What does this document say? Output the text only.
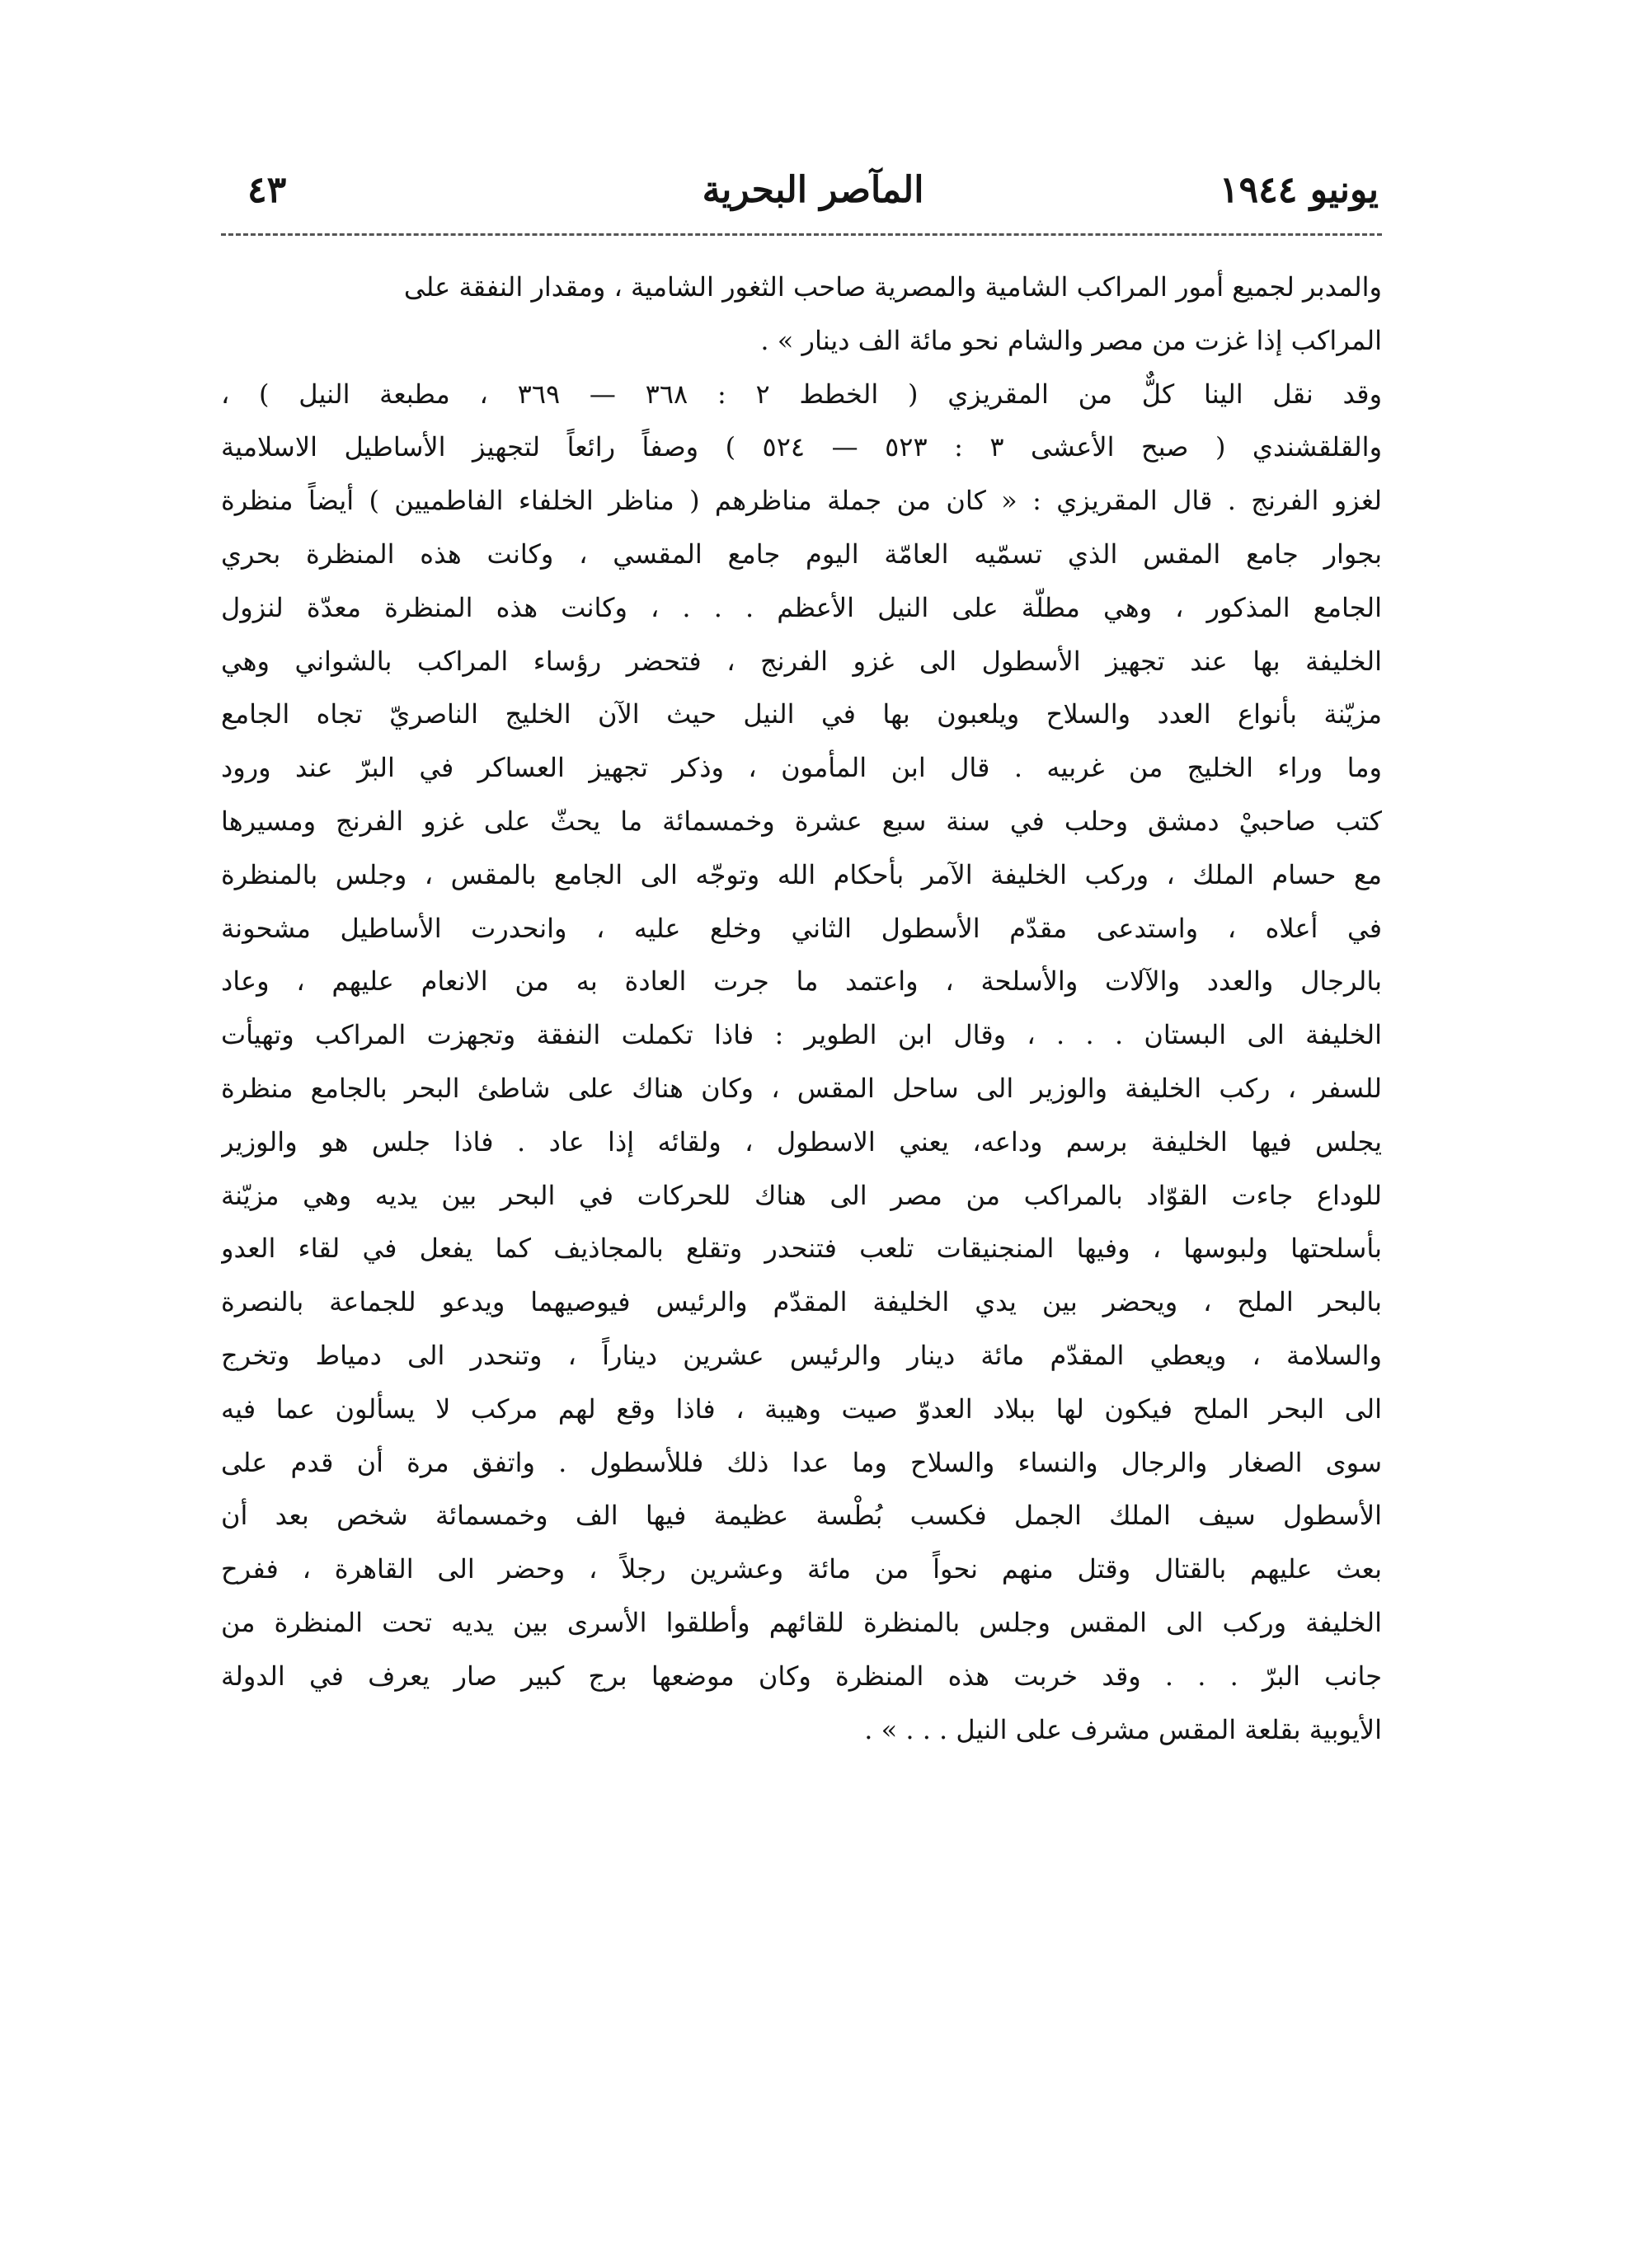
يونيو ١٩٤٤
المآصر البحرية
٤٣
والمدبر لجميع أمور المراكب الشامية والمصرية صاحب الثغور الشامية ، ومقدار النفقة على
المراكب إذا غزت من مصر والشام نحو مائة الف دينار » .
وقد نقل الينا كلٌّ من المقريزي ( الخطط ٢ : ٣٦٨ — ٣٦٩ ، مطبعة النيل ) ،
والقلقشندي ( صبح الأعشى ٣ : ٥٢٣ — ٥٢٤ ) وصفاً رائعاً لتجهيز الأساطيل الاسلامية
لغزو الفرنج . قال المقريزي : « كان من جملة مناظرهم ( مناظر الخلفاء الفاطميين ) أيضاً منظرة
بجوار جامع المقس الذي تسمّيه العامّة اليوم جامع المقسي ، وكانت هذه المنظرة بحري
الجامع المذكور ، وهي مطلّة على النيل الأعظم . . . ، وكانت هذه المنظرة معدّة لنزول
الخليفة بها عند تجهيز الأسطول الى غزو الفرنج ، فتحضر رؤساء المراكب بالشواني وهي
مزيّنة بأنواع العدد والسلاح ويلعبون بها في النيل حيث الآن الخليج الناصريّ تجاه الجامع
وما وراء الخليج من غربيه . قال ابن المأمون ، وذكر تجهيز العساكر في البرّ عند ورود
كتب صاحبيْ دمشق وحلب في سنة سبع عشرة وخمسمائة ما يحثّ على غزو الفرنج ومسيرها
مع حسام الملك ، وركب الخليفة الآمر بأحكام الله وتوجّه الى الجامع بالمقس ، وجلس بالمنظرة
في أعلاه ، واستدعى مقدّم الأسطول الثاني وخلع عليه ، وانحدرت الأساطيل مشحونة
بالرجال والعدد والآلات والأسلحة ، واعتمد ما جرت العادة به من الانعام عليهم ، وعاد
الخليفة الى البستان . . . ، وقال ابن الطوير : فاذا تكملت النفقة وتجهزت المراكب وتهيأت
للسفر ، ركب الخليفة والوزير الى ساحل المقس ، وكان هناك على شاطئ البحر بالجامع منظرة
يجلس فيها الخليفة برسم وداعه، يعني الاسطول ، ولقائه إذا عاد . فاذا جلس هو والوزير
للوداع جاءت القوّاد بالمراكب من مصر الى هناك للحركات في البحر بين يديه وهي مزيّنة
بأسلحتها ولبوسها ، وفيها المنجنيقات تلعب فتنحدر وتقلع بالمجاذيف كما يفعل في لقاء العدو
بالبحر الملح ، ويحضر بين يدي الخليفة المقدّم والرئيس فيوصيهما ويدعو للجماعة بالنصرة
والسلامة ، ويعطي المقدّم مائة دينار والرئيس عشرين ديناراً ، وتنحدر الى دمياط وتخرج
الى البحر الملح فيكون لها ببلاد العدوّ صيت وهيبة ، فاذا وقع لهم مركب لا يسألون عما فيه
سوى الصغار والرجال والنساء والسلاح وما عدا ذلك فللأسطول . واتفق مرة أن قدم على
الأسطول سيف الملك الجمل فكسب بُطْسة عظيمة فيها الف وخمسمائة شخص بعد أن
بعث عليهم بالقتال وقتل منهم نحواً من مائة وعشرين رجلاً ، وحضر الى القاهرة ، ففرح
الخليفة وركب الى المقس وجلس بالمنظرة للقائهم وأطلقوا الأسرى بين يديه تحت المنظرة من
جانب البرّ . . . وقد خربت هذه المنظرة وكان موضعها برج كبير صار يعرف في الدولة
الأيوبية بقلعة المقس مشرف على النيل . . . » .
